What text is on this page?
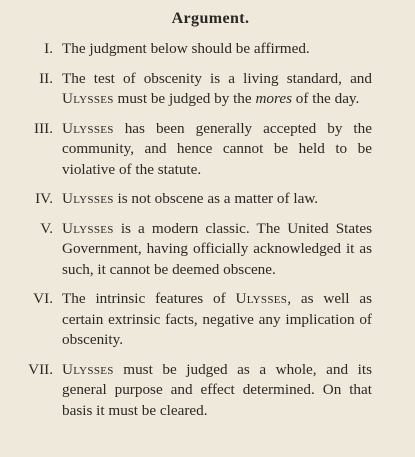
Argument.
I. The judgment below should be affirmed.
II. The test of obscenity is a living standard, and Ulysses must be judged by the mores of the day.
III. Ulysses has been generally accepted by the community, and hence cannot be held to be violative of the statute.
IV. Ulysses is not obscene as a matter of law.
V. Ulysses is a modern classic. The United States Government, having officially acknowledged it as such, it cannot be deemed obscene.
VI. The intrinsic features of Ulysses, as well as certain extrinsic facts, negative any implication of obscenity.
VII. Ulysses must be judged as a whole, and its general purpose and effect determined. On that basis it must be cleared.
